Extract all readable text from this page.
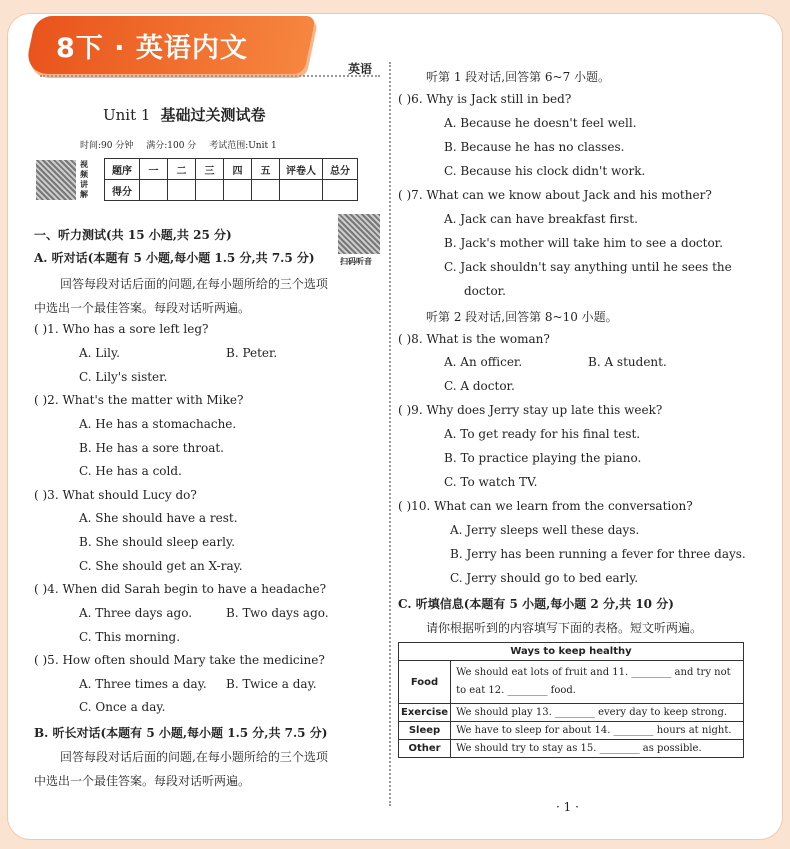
8下 · 英语内文
英语
Unit 1 基础过关测试卷
时间:90 分钟 满分:100 分 考试范围:Unit 1
视频讲解
扫码听音
题序	一	二	三	四	五	评卷人	总分
得分							
一、听力测试(共 15 小题,共 25 分)
A. 听对话(本题有 5 小题,每小题 1.5 分,共 7.5 分)
回答每段对话后面的问题,在每小题所给的三个选项
中选出一个最佳答案。每段对话听两遍。
( )1. Who has a sore left leg?
A. Lily.	B. Peter.
C. Lily's sister.
( )2. What's the matter with Mike?
A. He has a stomachache.
B. He has a sore throat.
C. He has a cold.
( )3. What should Lucy do?
A. She should have a rest.
B. She should sleep early.
C. She should get an X-ray.
( )4. When did Sarah begin to have a headache?
A. Three days ago.	B. Two days ago.
C. This morning.
( )5. How often should Mary take the medicine?
A. Three times a day. B. Twice a day.
C. Once a day.
B. 听长对话(本题有 5 小题,每小题 1.5 分,共 7.5 分)
回答每段对话后面的问题,在每小题所给的三个选项
中选出一个最佳答案。每段对话听两遍。
听第 1 段对话,回答第 6~7 小题。
( )6. Why is Jack still in bed?
A. Because he doesn't feel well.
B. Because he has no classes.
C. Because his clock didn't work.
( )7. What can we know about Jack and his mother?
A. Jack can have breakfast first.
B. Jack's mother will take him to see a doctor.
C. Jack shouldn't say anything until he sees the
doctor.
听第 2 段对话,回答第 8~10 小题。
( )8. What is the woman?
A. An officer.	B. A student.
C. A doctor.
( )9. Why does Jerry stay up late this week?
A. To get ready for his final test.
B. To practice playing the piano.
C. To watch TV.
( )10. What can we learn from the conversation?
A. Jerry sleeps well these days.
B. Jerry has been running a fever for three days.
C. Jerry should go to bed early.
C. 听填信息(本题有 5 小题,每小题 2 分,共 10 分)
请你根据听到的内容填写下面的表格。短文听两遍。
Ways to keep healthy	
Food	We should eat lots of fruit and 11. ________ and try not
to eat 12. ________ food.

Exercise	We should play 13. ________ every day to keep strong.
Sleep	We have to sleep for about 14. ________ hours at night.
Other	We should try to stay as 15. ________ as possible.
· 1 ·
